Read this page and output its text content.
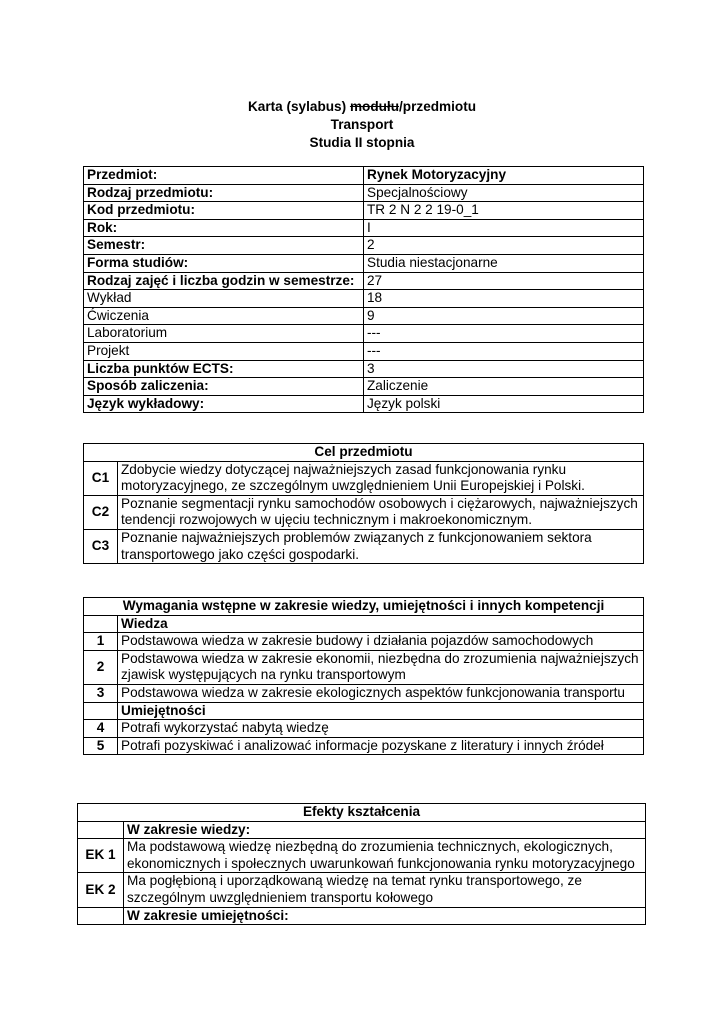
Karta (sylabus) modułu/przedmiotu
Transport
Studia II stopnia
Przedmiot:	Rynek Motoryzacyjny
Rodzaj przedmiotu:	Specjalnościowy
Kod przedmiotu:	TR 2 N 2 2 19-0_1
Rok:	I
Semestr:	2
Forma studiów:	Studia niestacjonarne
Rodzaj zajęć i liczba godzin w semestrze:	27
Wykład	18
Ćwiczenia	9
Laboratorium	---
Projekt	---
Liczba punktów ECTS:	3
Sposób zaliczenia:	Zaliczenie
Język wykładowy:	Język polski
Cel przedmiotu	
C1	Zdobycie wiedzy dotyczącej najważniejszych zasad funkcjonowania rynku motoryzacyjnego, ze szczególnym uwzględnieniem Unii Europejskiej i Polski.
C2	Poznanie segmentacji rynku samochodów osobowych i ciężarowych, najważniejszych tendencji rozwojowych w ujęciu technicznym i makroekonomicznym.
C3	Poznanie najważniejszych problemów związanych z funkcjonowaniem sektora transportowego jako części gospodarki.
Wymagania wstępne w zakresie wiedzy, umiejętności i innych kompetencji	
	Wiedza
1	Podstawowa wiedza w zakresie budowy i działania pojazdów samochodowych
2	Podstawowa wiedza w zakresie ekonomii, niezbędna do zrozumienia najważniejszych zjawisk występujących na rynku transportowym
3	Podstawowa wiedza w zakresie ekologicznych aspektów funkcjonowania transportu
	Umiejętności
4	Potrafi wykorzystać nabytą wiedzę
5	Potrafi pozyskiwać i analizować informacje pozyskane z literatury i innych źródeł
Efekty kształcenia	
	W zakresie wiedzy:
EK 1	Ma podstawową wiedzę niezbędną do zrozumienia technicznych, ekologicznych, ekonomicznych i społecznych uwarunkowań funkcjonowania rynku motoryzacyjnego
EK 2	Ma pogłębioną i uporządkowaną wiedzę na temat rynku transportowego, ze szczególnym uwzględnieniem transportu kołowego
	W zakresie umiejętności:
